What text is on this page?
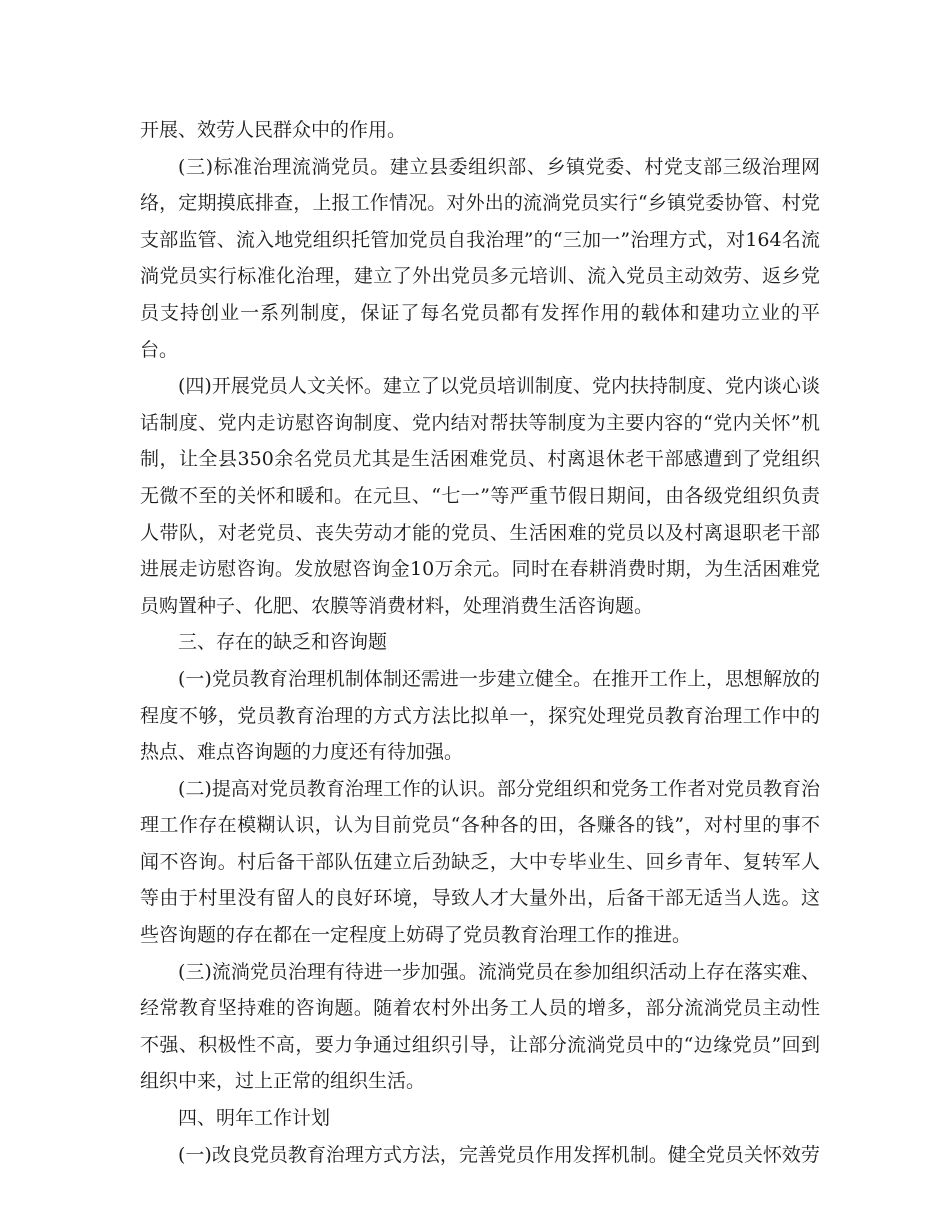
开展、效劳人民群众中的作用。

(三)标准治理流淌党员。建立县委组织部、乡镇党委、村党支部三级治理网络，定期摸底排查，上报工作情况。对外出的流淌党员实行“乡镇党委协管、村党支部监管、流入地党组织托管加党员自我治理”的“三加一”治理方式，对164名流淌党员实行标准化治理，建立了外出党员多元培训、流入党员主动效劳、返乡党员支持创业一系列制度，保证了每名党员都有发挥作用的载体和建功立业的平台。

(四)开展党员人文关怀。建立了以党员培训制度、党内扶持制度、党内谈心谈话制度、党内走访慰咨询制度、党内结对帮扶等制度为主要内容的“党内关怀”机制，让全县350余名党员尤其是生活困难党员、村离退休老干部感遭到了党组织无微不至的关怀和暖和。在元旦、“七一”等严重节假日期间，由各级党组织负责人带队，对老党员、丧失劳动才能的党员、生活困难的党员以及村离退职老干部进展走访慰咨询。发放慰咨询金10万余元。同时在春耕消费时期，为生活困难党员购置种子、化肥、农膜等消费材料，处理消费生活咨询题。

三、存在的缺乏和咨询题

(一)党员教育治理机制体制还需进一步建立健全。在推开工作上，思想解放的程度不够，党员教育治理的方式方法比拟单一，探究处理党员教育治理工作中的热点、难点咨询题的力度还有待加强。

(二)提高对党员教育治理工作的认识。部分党组织和党务工作者对党员教育治理工作存在模糊认识，认为目前党员“各种各的田，各赚各的钱”，对村里的事不闻不咨询。村后备干部队伍建立后劲缺乏，大中专毕业生、回乡青年、复转军人等由于村里没有留人的良好环境，导致人才大量外出，后备干部无适当人选。这些咨询题的存在都在一定程度上妨碍了党员教育治理工作的推进。

(三)流淌党员治理有待进一步加强。流淌党员在参加组织活动上存在落实难、经常教育坚持难的咨询题。随着农村外出务工人员的增多，部分流淌党员主动性不强、积极性不高，要力争通过组织引导，让部分流淌党员中的“边缘党员”回到组织中来，过上正常的组织生活。

四、明年工作计划

(一)改良党员教育治理方式方法，完善党员作用发挥机制。健全党员关怀效劳
